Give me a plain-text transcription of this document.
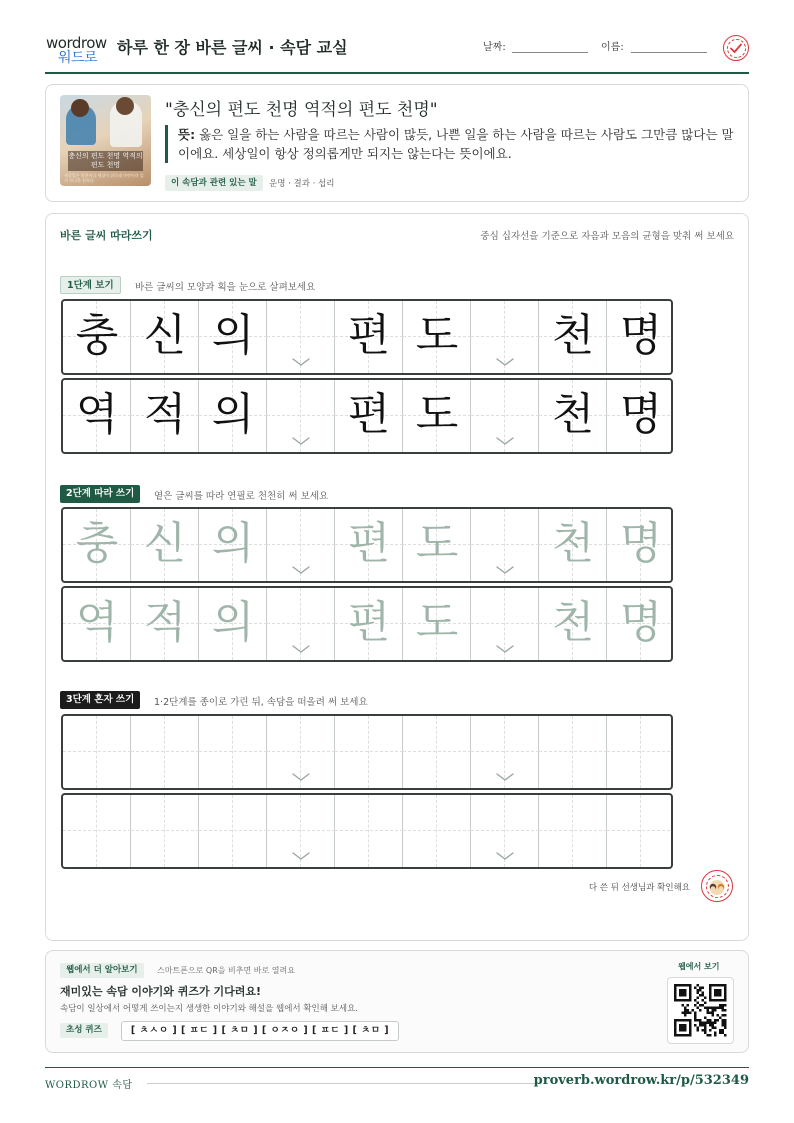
wordrow
워드로
하루 한 장 바른 글씨 · 속담 교실	날짜:	이름:
충신의 편도 천명 역적의 편도 천명
세상일은 착한이나 세상이 뒤죽돼 마련이라 있지 아니한 원쳐다
"충신의 편도 천명 역적의 편도 천명"
뜻: 옳은 일을 하는 사람을 따르는 사람이 많듯, 나쁜 일을 하는 사람을 따르는 사람도 그만큼 많다는 말이에요. 세상일이 항상 정의롭게만 되지는 않는다는 뜻이에요.
이 속담과 관련 있는 말	운명 · 결과 · 섭리
바른 글씨 따라쓰기	중심 십자선을 기준으로 자음과 모음의 균형을 맞춰 써 보세요
1단계 보기	바른 글씨의 모양과 획을 눈으로 살펴보세요
충 신 의 편 도 천 명
역 적 의 편 도 천 명
2단계 따라 쓰기	옅은 글씨를 따라 연필로 천천히 써 보세요
충 신 의 편 도 천 명
역 적 의 편 도 천 명
3단계 혼자 쓰기	1·2단계를 종이로 가린 뒤, 속담을 떠올려 써 보세요
다 쓴 뒤 선생님과 확인해요
웹에서 더 알아보기	스마트폰으로 QR을 비추면 바로 열려요
재미있는 속담 이야기와 퀴즈가 기다려요!
속담이 일상에서 어떻게 쓰이는지 생생한 이야기와 해설을 웹에서 확인해 보세요.
초성 퀴즈	[ ㅊㅅㅇ ] [ ㅍㄷ ] [ ㅊㅁ ] [ ㅇㅈㅇ ] [ ㅍㄷ ] [ ㅊㅁ ]
웹에서 보기
WORDROW 속담	proverb.wordrow.kr/p/532349
